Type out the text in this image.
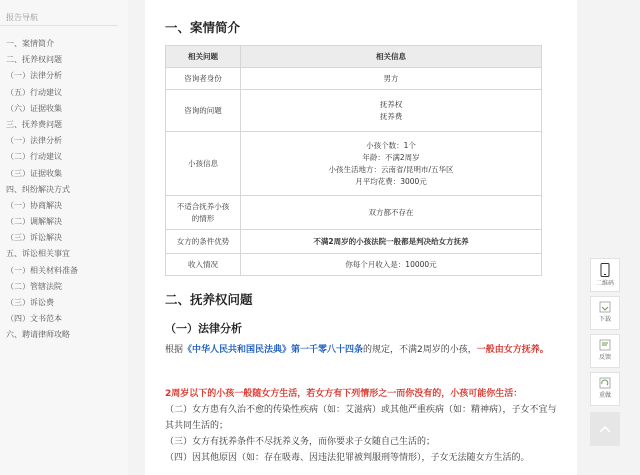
报告导航
一、案情简介
二、抚养权问题
（一）法律分析
（五）行动建议
（六）证据收集
三、抚养费问题
（一）法律分析
（二）行动建议
（三）证据收集
四、纠纷解决方式
（一）协商解决
（二）调解解决
（三）诉讼解决
五、诉讼相关事宜
（一）相关材料准备
（二）管辖法院
（三）诉讼费
（四）文书范本
六、聘请律师攻略
一、案情简介
相关问题	相关信息
咨询者身份	男方

咨询的问题	抚养权
抚养费

小孩信息	小孩个数：1个
年龄：不满2周岁
小孩生活地方：云南省/昆明市/五华区
月平均花费：3000元

不适合抚养小孩的情形	双方都不存在

女方的条件优势	不满2周岁的小孩法院一般都是判决给女方抚养

收入情况	你每个月收入是：10000元
二、抚养权问题
（一）法律分析
根据《中华人民共和国民法典》第一千零八十四条的规定，不满2周岁的小孩，一般由女方抚养。
2周岁以下的小孩一般随女方生活，若女方有下列情形之一而你没有的，小孩可能你生活：
（二）女方患有久治不愈的传染性疾病（如：艾滋病）或其他严重疾病（如：精神病），子女不宜与其共同生活的；
（三）女方有抚养条件不尽抚养义务，而你要求子女随自己生活的；
（四）因其他原因（如：存在吸毒、因违法犯罪被判服刑等情形），子女无法随女方生活的。
二维码
下载
反馈
重做
